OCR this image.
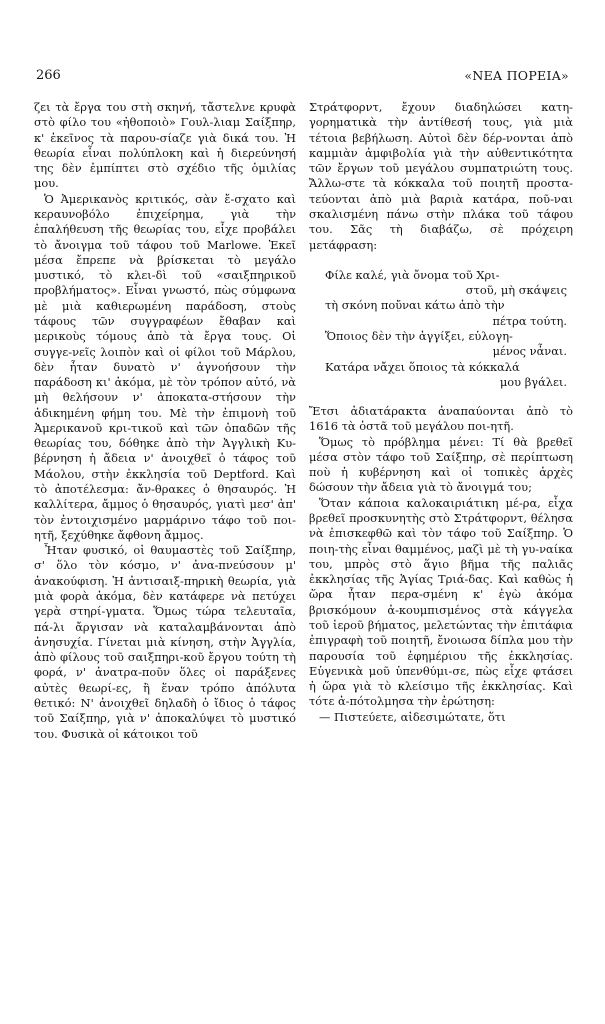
266	«ΝΕΑ ΠΟΡΕΙΑ»

ζει τὰ ἔργα του στὴ σκηνή, τἄστελνε κρυφὰ στὸ φίλο του «ἠθοποιὸ» Γουλ-λιαμ Σαίξπηρ, κ' ἐκεῖνος τὰ παρου-σίαζε γιὰ δικά του. Ἡ θεωρία εἶναι πολύπλοκη καὶ ἡ διερεύνησή της δὲν ἐμπίπτει στὸ σχέδιο τῆς ὁμιλίας μου.

Ὁ Ἀμερικανὸς κριτικός, σὰν ἔ-σχατο καὶ κεραυνοβόλο ἐπιχείρημα, γιὰ τὴν ἐπαλήθευση τῆς θεωρίας του, εἶχε προβάλει τὸ ἄνοιγμα τοῦ τάφου τοῦ Marlowe. Ἐκεῖ μέσα ἔπρεπε νὰ βρίσκεται τὸ μεγάλο μυστικό, τὸ κλει-δὶ τοῦ «σαιξπηρικοῦ προβλήματος». Εἶναι γνωστό, πὼς σύμφωνα μὲ μιὰ καθιερωμένη παράδοση, στοὺς τάφους τῶν συγγραφέων ἔθαβαν καὶ μερικοὺς τόμους ἀπὸ τὰ ἔργα τους. Οἱ συγγε-νεῖς λοιπὸν καὶ οἱ φίλοι τοῦ Μάρλου, δὲν ἦταν δυνατὸ ν' ἀγνοήσουν τὴν παράδοση κι' ἀκόμα, μὲ τὸν τρόπον αὐτό, νὰ μὴ θελήσουν ν' ἀποκατα-στήσουν τὴν ἀδικημένη φήμη του. Μὲ τὴν ἐπιμονὴ τοῦ Ἀμερικανοῦ κρι-τικοῦ καὶ τῶν ὀπαδῶν τῆς θεωρίας του, δόθηκε ἀπὸ τὴν Ἀγγλικὴ Κυ-βέρνηση ἡ ἄδεια ν' ἀνοιχθεῖ ὁ τάφος τοῦ Μάολου, στὴν ἐκκλησία τοῦ Deptford. Καὶ τὸ ἀποτέλεσμα: ἄν-θρακες ὁ θησαυρός. Ἡ καλλίτερα, ἄμμος ὁ θησαυρός, γιατὶ μεσ' ἀπ' τὸν ἐντοιχισμένο μαρμάρινο τάφο τοῦ ποι-ητῆ, ξεχύθηκε ἄφθονη ἄμμος.

Ἦταν φυσικό, οἱ θαυμαστὲς τοῦ Σαίξπηρ, σ' ὅλο τὸν κόσμο, ν' ἀνα-πνεύσουν μ' ἀνακούφιση. Ἡ ἀντισαιξ-πηρικὴ θεωρία, γιὰ μιὰ φορὰ ἀκόμα, δὲν κατάφερε νὰ πετύχει γερὰ στηρί-γματα. Ὅμως τώρα τελευταῖα, πά-λι ἄργισαν νὰ καταλαμβάνονται ἀπὸ ἀνησυχία. Γίνεται μιὰ κίνηση, στὴν Ἀγγλία, ἀπὸ φίλους τοῦ σαιξπηρι-κοῦ ἔργου τούτη τὴ φορά, ν' ἀνατρα-ποῦν ὅλες οἱ παράξενες αὐτὲς θεωρί-ες, ἢ ἕναν τρόπο ἀπόλυτα θετικό: Ν' ἀνοιχθεῖ δηλαδὴ ὁ ἴδιος ὁ τάφος τοῦ Σαίξπηρ, γιὰ ν' ἀποκαλύψει τὸ μυστικό του. Φυσικὰ οἱ κάτοικοι τοῦ

Στράτφορντ, ἔχουν διαδηλώσει κατη-γορηματικὰ τὴν ἀντίθεσή τους, γιὰ μιὰ τέτοια βεβήλωση. Αὐτοὶ δὲν δέρ-νονται ἀπὸ καμμιὰν ἀμφιβολία γιὰ τὴν αὐθεντικότητα τῶν ἔργων τοῦ μεγάλου συμπατριώτη τους. Ἄλλω-στε τὰ κόκκαλα τοῦ ποιητῆ προστα-τεύονται ἀπὸ μιὰ βαριὰ κατάρα, ποῦ-ναι σκαλισμένη πάνω στὴν πλάκα τοῦ τάφου του. Σᾶς τὴ διαβάζω, σὲ πρόχειρη μετάφραση:

Φίλε καλέ, γιὰ ὄνομα τοῦ Χρι-
στοῦ, μὴ σκάψεις
τὴ σκόνη ποὔναι κάτω ἀπὸ τὴν
πέτρα τούτη.
Ὅποιος δὲν τὴν ἀγγίξει, εὐλογη-
μένος νἆναι.
Κατάρα νἄχει ὅποιος τὰ κόκκαλά
μου βγάλει.

Ἔτσι ἀδιατάρακτα ἀναπαύονται ἀπὸ τὸ 1616 τὰ ὀστᾶ τοῦ μεγάλου ποι-ητῆ.

Ὅμως τὸ πρόβλημα μένει: Τί θὰ βρεθεῖ μέσα στὸν τάφο τοῦ Σαίξπηρ, σὲ περίπτωση ποὺ ἡ κυβέρνηση καὶ οἱ τοπικὲς ἀρχὲς δώσουν τὴν ἄδεια γιὰ τὸ ἄνοιγμά του;

Ὅταν κάποια καλοκαιριάτικη μέ-ρα, εἶχα βρεθεῖ προσκυνητὴς στὸ Στράτφορντ, θέλησα νὰ ἐπισκεφθῶ καὶ τὸν τάφο τοῦ Σαίξπηρ. Ὁ ποιη-τὴς εἶναι θαμμένος, μαζὶ μὲ τὴ γυ-ναίκα του, μπρὸς στὸ ἅγιο βῆμα τῆς παλιᾶς ἐκκλησίας τῆς Ἁγίας Τριά-δας. Καὶ καθὼς ἡ ὥρα ἦταν περα-σμένη κ' ἐγὼ ἀκόμα βρισκόμουν ἀ-κουμπισμένος στὰ κάγγελα τοῦ ἱεροῦ βήματος, μελετώντας τὴν ἐπιτάφια ἐπιγραφὴ τοῦ ποιητῆ, ἔνοιωσα δίπλα μου τὴν παρουσία τοῦ ἐφημέριου τῆς ἐκκλησίας. Εὐγενικὰ μοῦ ὑπενθύμι-σε, πὼς εἶχε φτάσει ἡ ὥρα γιὰ τὸ κλείσιμο τῆς ἐκκλησίας. Καὶ τότε ἀ-πότολμησα τὴν ἐρώτηση:

— Πιστεύετε, αἰδεσιμώτατε, ὅτι
